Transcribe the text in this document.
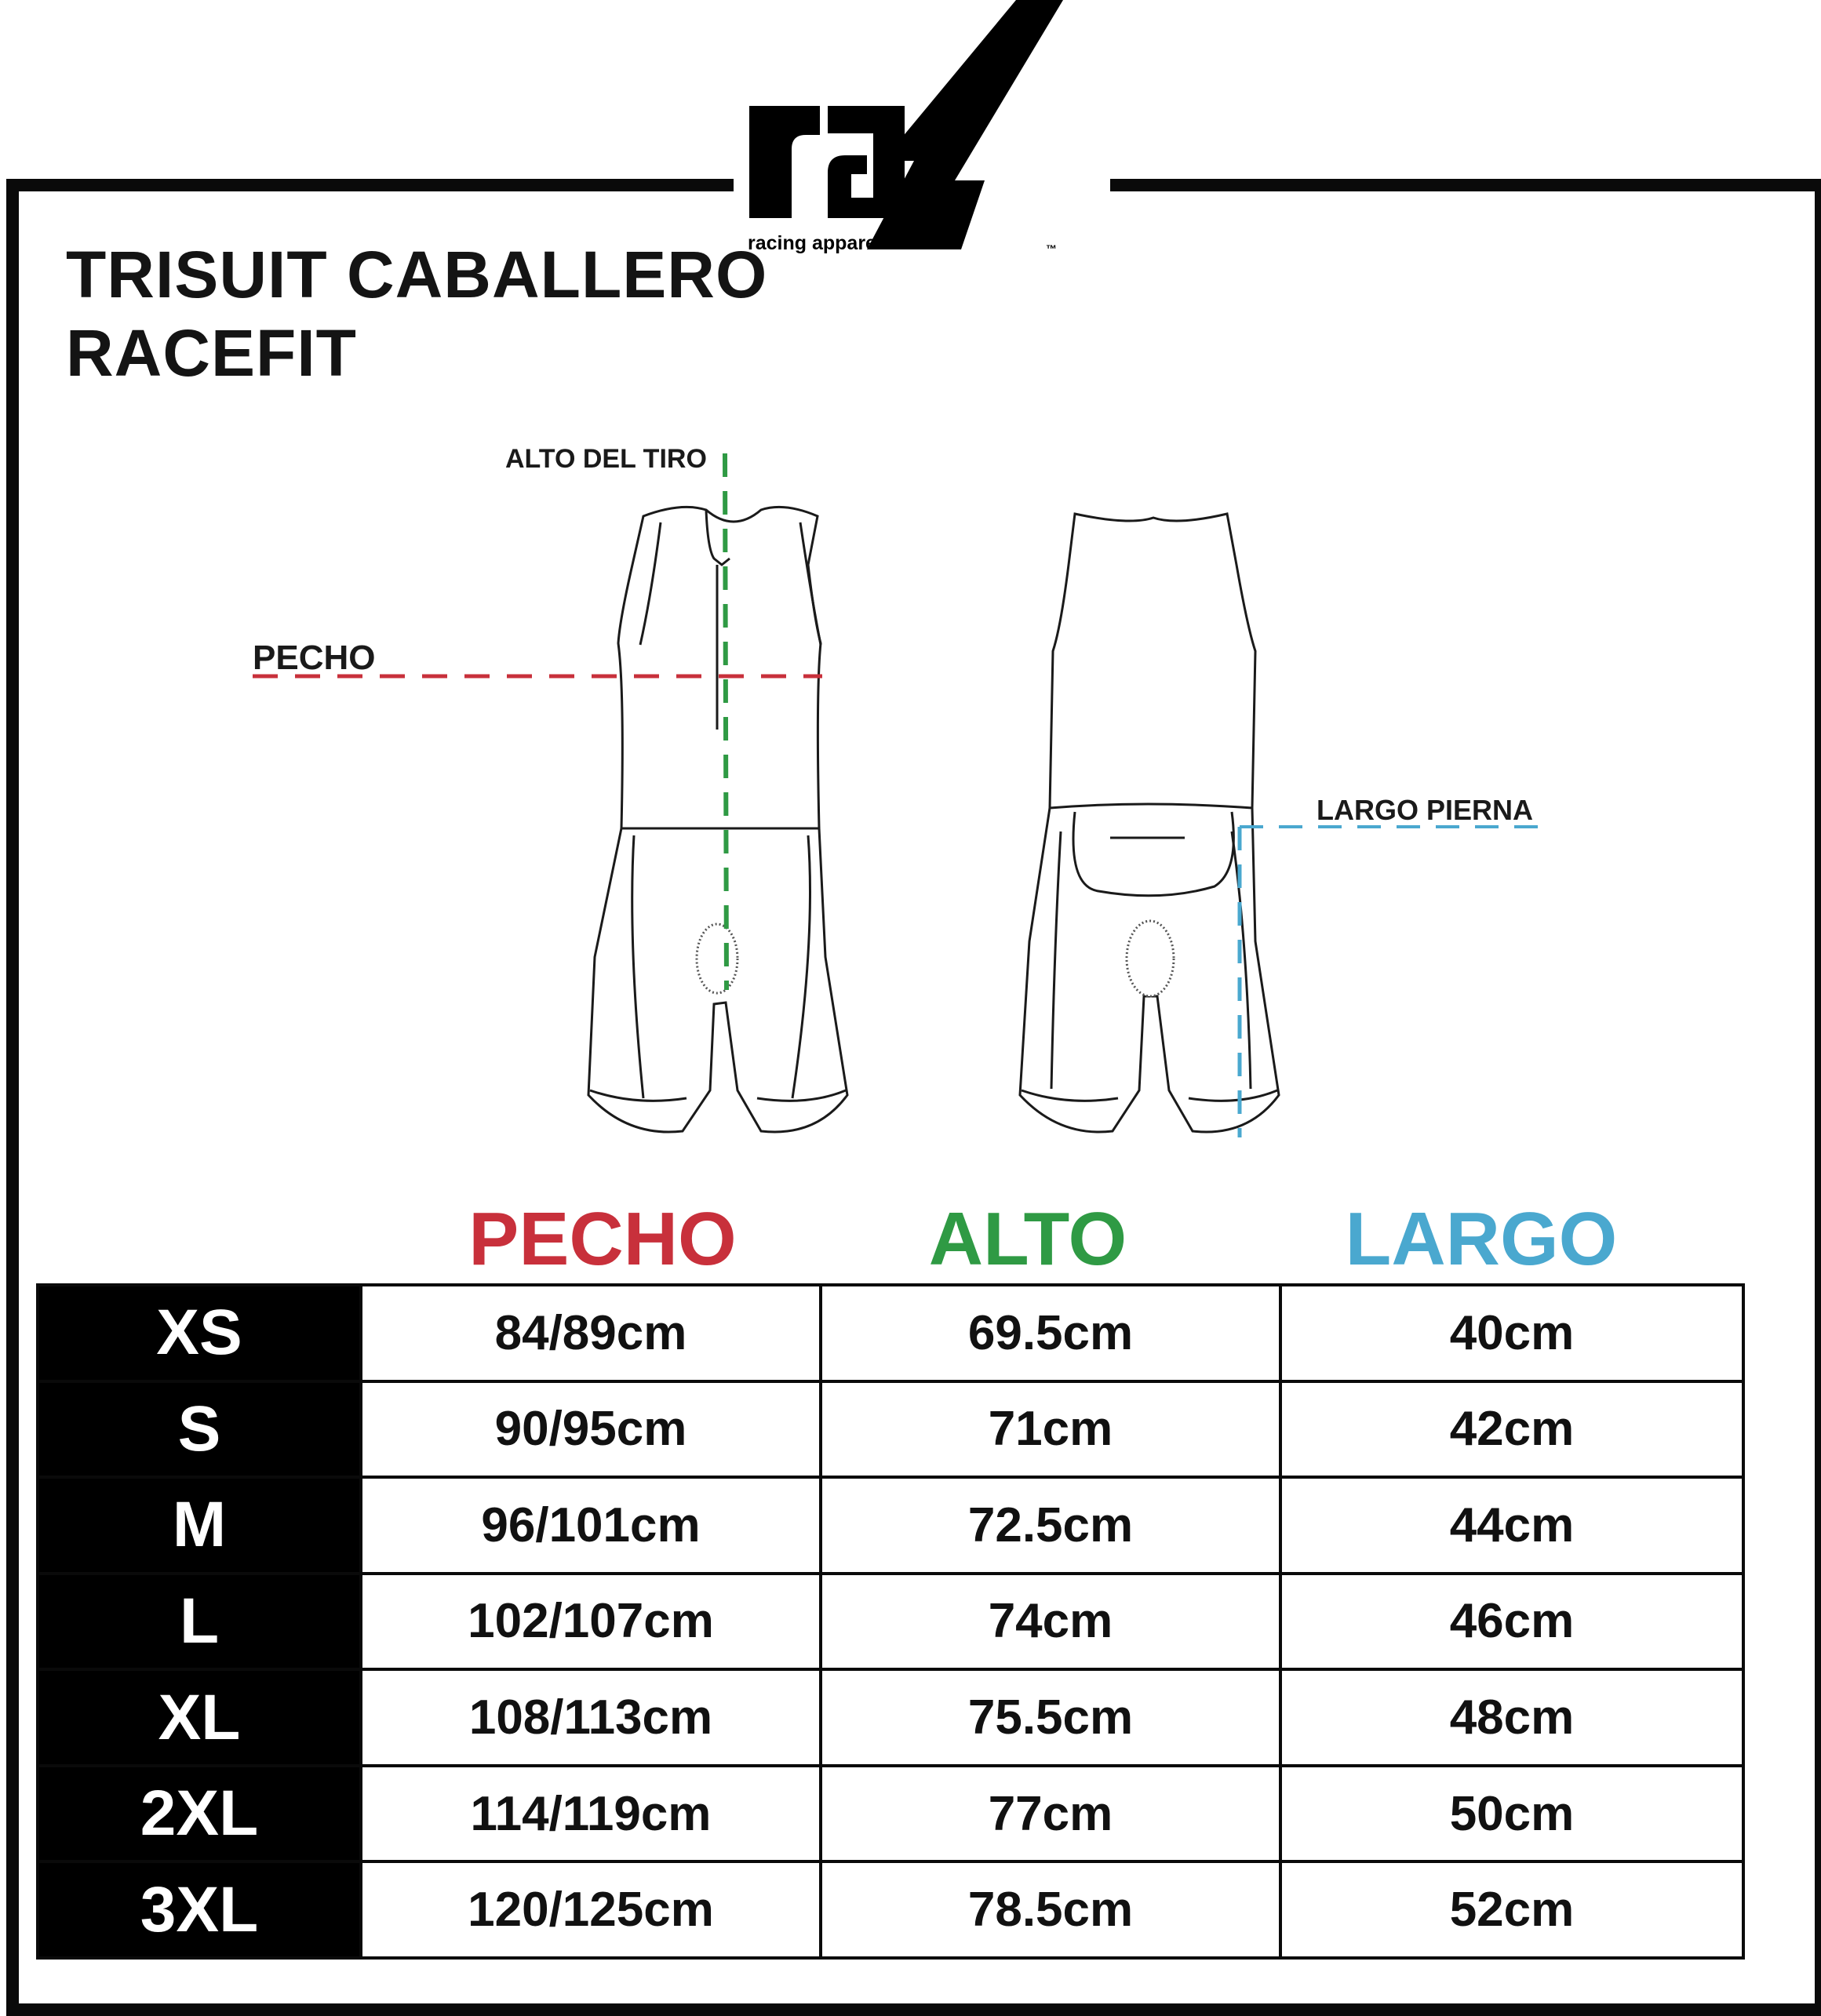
racing apparel	™
TRISUIT CABALLERO
RACEFIT
ALTO DEL TIRO
PECHO
LARGO PIERNA
PECHO	ALTO	LARGO
XS	84/89cm	69.5cm	40cm
S	90/95cm	71cm	42cm
M	96/101cm	72.5cm	44cm
L	102/107cm	74cm	46cm
XL	108/113cm	75.5cm	48cm
2XL	114/119cm	77cm	50cm
3XL	120/125cm	78.5cm	52cm
